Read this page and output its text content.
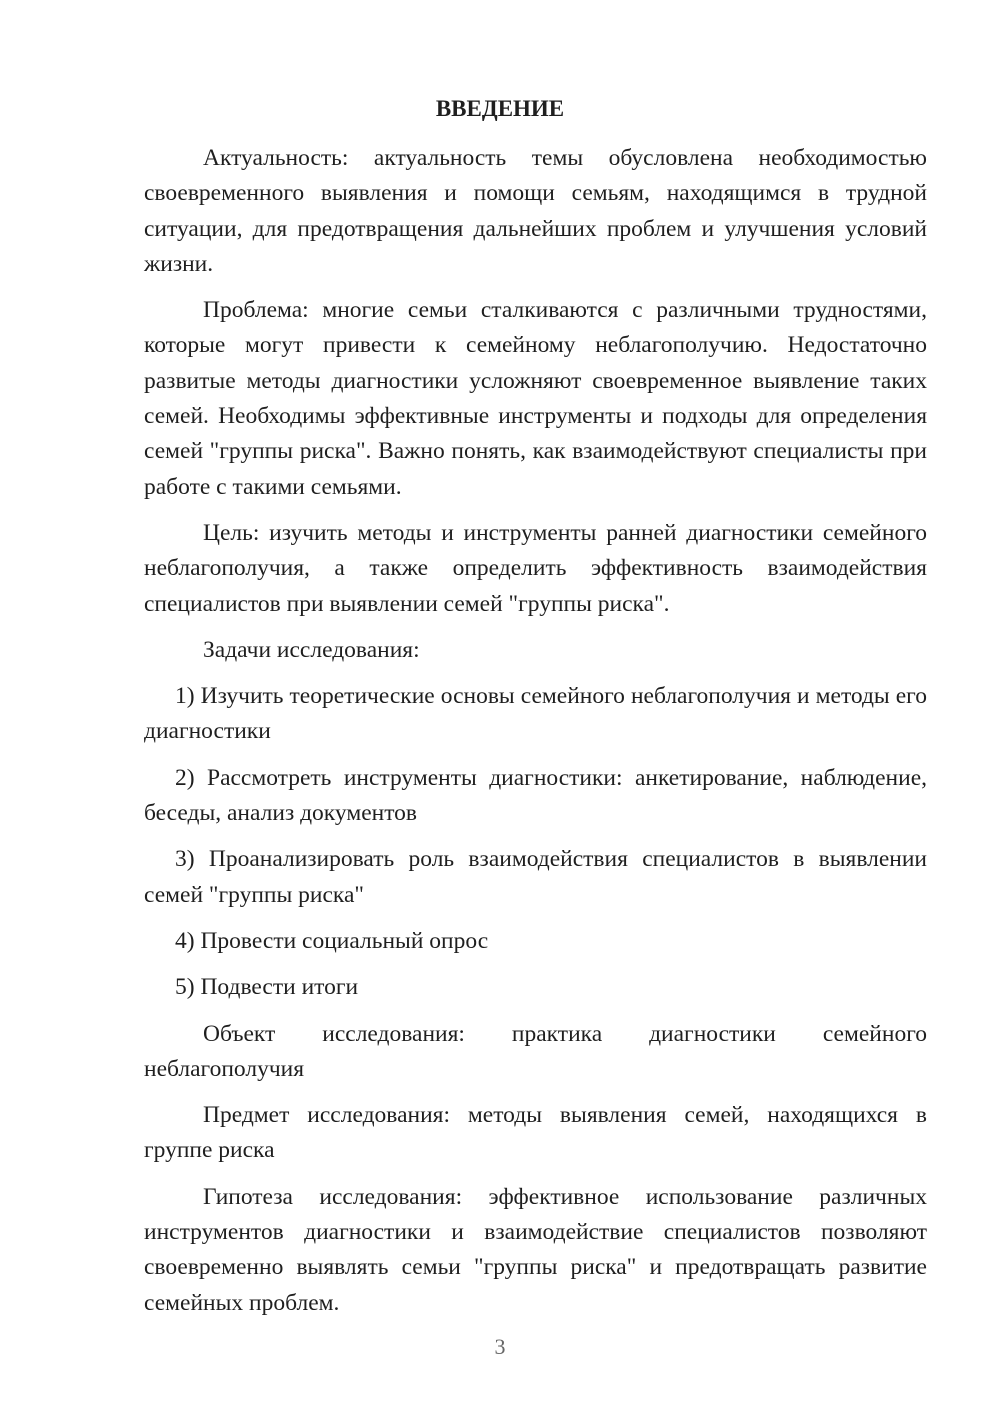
ВВЕДЕНИЕ

Актуальность: актуальность темы обусловлена необходимостью своевременного выявления и помощи семьям, находящимся в трудной ситуации, для предотвращения дальнейших проблем и улучшения условий жизни.

Проблема: многие семьи сталкиваются с различными трудностями, которые могут привести к семейному неблагополучию. Недостаточно развитые методы диагностики усложняют своевременное выявление таких семей. Необходимы эффективные инструменты и подходы для определения семей "группы риска". Важно понять, как взаимодействуют специалисты при работе с такими семьями.

Цель: изучить методы и инструменты ранней диагностики семейного неблагополучия, а также определить эффективность взаимодействия специалистов при выявлении семей "группы риска".

Задачи исследования:

1) Изучить теоретические основы семейного неблагополучия и методы его диагностики

2) Рассмотреть инструменты диагностики: анкетирование, наблюдение, беседы, анализ документов

3) Проанализировать роль взаимодействия специалистов в выявлении семей "группы риска"

4) Провести социальный опрос

5) Подвести итоги

Объект исследования: практика диагностики семейного неблагополучия

Предмет исследования: методы выявления семей, находящихся в группе риска

Гипотеза исследования: эффективное использование различных инструментов диагностики и взаимодействие специалистов позволяют своевременно выявлять семьи "группы риска" и предотвращать развитие семейных проблем.

3
